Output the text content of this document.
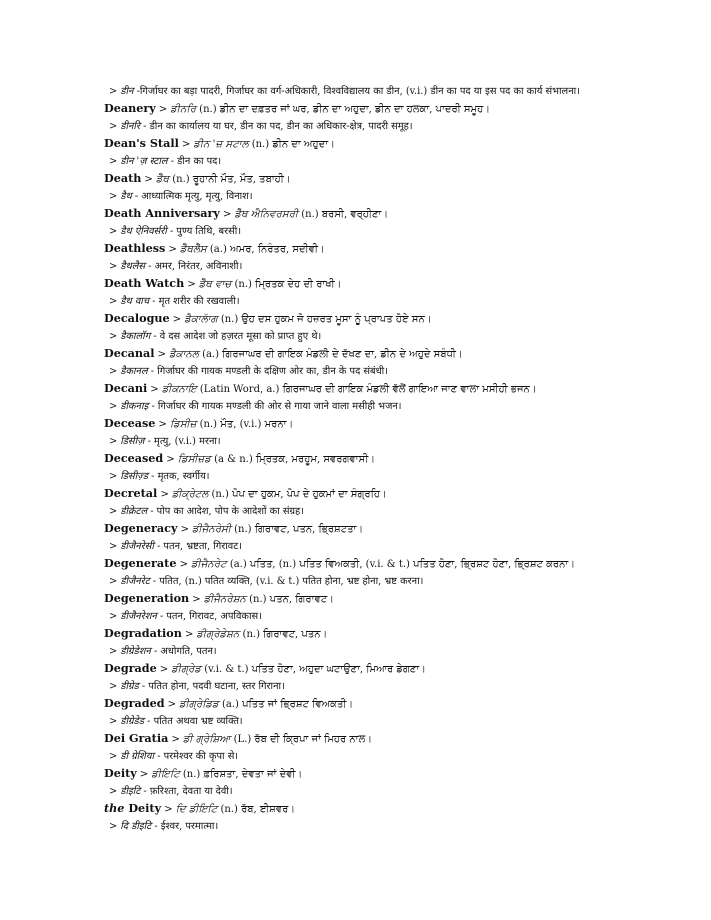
> डीन -गिर्जाघर का बड़ा पादरी, गिर्जाघर का वर्ग-अधिकारी, विश्वविद्यालय का डीन, (v.i.) डीन का पद या इस पद का कार्य संभालना।
Deanery > ਡੀਨਰਿ (n.) ਡੀਨ ਦਾ ਦਫ਼ਤਰ ਜਾਂ ਘਰ, ਡੀਨ ਦਾ ਅਹੁਦਾ, ਡੀਨ ਦਾ ਹਲਕਾ, ਪਾਦਰੀ ਸਮੂਹ।
> डीनरि - डीन का कार्यालय या घर, डीन का पद, डीन का अधिकार-क्षेत्र, पादरी समूह।
Dean's Stall > ਡੀਨ 'ਜ਼ ਸਟਾਲ (n.) ਡੀਨ ਦਾ ਅਹੁਦਾ।
> डीन 'ज़ स्टाल - डीन का पद।
Death > ਡੈੱਥ (n.) ਰੂਹਾਨੀ ਮੌਤ, ਮੌਤ, ਤਬਾਹੀ।
> डैथ - आध्यात्मिक मृत्यु, मृत्यु, विनाश।
Death Anniversary > ਡੈੱਥ ਐਨਿਵਰਸਰੀ (n.) ਬਰਸੀ, ਵਰ੍ਹੀਣਾ।
> डैथ ऐनिवर्सरी - पुण्य तिथि, बरसी।
Deathless > ਡੈੱਥਲੈੱਸ (a.) ਅਮਰ, ਨਿਰੰਤਰ, ਸਦੀਵੀ।
> डैथलैस - अमर, निरंतर, अविनाशी।
Death Watch > ਡੈੱਥ ਵਾਚ (n.) ਮ੍ਰਿਤਕ ਦੇਹ ਦੀ ਰਾਖੀ।
> डैथ वाच - मृत शरीर की रखवाली।
Decalogue > ਡੈਕਾਲਾੱਗ (n.) ਉਹ ਦਸ ਹੁਕਮ ਜੋ ਹਜ਼ਰਤ ਮੂਸਾ ਨੂੰ ਪ੍ਰਾਪਤ ਹੋਏ ਸਨ।
> डैकालॉग - वे दस आदेश जो हज़रत मूसा को प्राप्त हुए थे।
Decanal > ਡੈਕਾਨਲ (a.) ਗਿਰਜਾਘਰ ਦੀ ਗਾਇਕ ਮੰਡਲੀ ਦੇ ਦੱਖਣ ਦਾ, ਡੀਨ ਦੇ ਅਹੁਦੇ ਸਬੰਧੀ।
> डैकानल - गिर्जाघर की गायक मण्डली के दक्षिण ओर का, डीन के पद संबंधी।
Decani > ਡੀਕਨਾਇ (Latin Word, a.) ਗਿਰਜਾਘਰ ਦੀ ਗਾਇਕ ਮੰਡਲੀ ਵੱਲੋਂ ਗਾਇਆ ਜਾਣ ਵਾਲਾ ਮਸੀਹੀ ਭਜਨ।
> डीकनाइ - गिर्जाघर की गायक मण्डली की ओर से गाया जाने वाला मसीही भजन।
Decease > ਡਿਸੀਜ਼ (n.) ਮੌਤ, (v.i.) ਮਰਨਾ।
> डिसीज़ - मृत्यु, (v.i.) मरना।
Deceased > ਡਿਸੀਜ਼ਡ (a & n.) ਮ੍ਰਿਤਕ, ਮਰਹੂਮ, ਸਵਰਗਵਾਸੀ।
> डिसीज़्ड - मृतक, स्वर्गीय।
Decretal > ਡੀਕ੍ਰੇਟਲ (n.) ਪੋਪ ਦਾ ਹੁਕਮ, ਪੋਪ ਦੇ ਹੁਕਮਾਂ ਦਾ ਸੰਗ੍ਰਹਿ।
> डीक्रेटल - पोप का आदेश, पोप के आदेशों का संग्रह।
Degeneracy > ਡੀਜੈਨਰੇਸੀ (n.) ਗਿਰਾਵਟ, ਪਤਨ, ਭ੍ਰਿਸ਼ਟਤਾ।
> डीजैनरेसी - पतन, भ्रष्टता, गिरावट।
Degenerate > ਡੀਜੈਨਰੇਟ (a.) ਪਤਿਤ, (n.) ਪਤਿਤ ਵਿਅਕਤੀ, (v.i. & t.) ਪਤਿਤ ਹੋਣਾ, ਭ੍ਰਿਸ਼ਟ ਹੋਣਾ, ਭ੍ਰਿਸ਼ਟ ਕਰਨਾ।
> डीजैनरेट - पतित, (n.) पतित व्यक्ति, (v.i. & t.) पतित होना, भ्रष्ट होना, भ्रष्ट करना।
Degeneration > ਡੀਜੈਨਰੇਸ਼ਨ (n.) ਪਤਨ, ਗਿਰਾਵਟ।
> डीजैनरेशन - पतन, गिरावट, अपविकास।
Degradation > ਡੀਗ੍ਰੇਡੇਸ਼ਨ (n.) ਗਿਰਾਵਟ, ਪਤਨ।
> डीग्रेडेशन - अधोगति, पतन।
Degrade > ਡੀਗ੍ਰੇਡ (v.i. & t.) ਪਤਿਤ ਹੋਣਾ, ਅਹੁਦਾ ਘਟਾਉਣਾ, ਮਿਆਰ ਡੇਗਣਾ।
> डीग्रेड - पतित होना, पदवी घटाना, स्तर गिराना।
Degraded > ਡੀਗ੍ਰੇਡਿਡ (a.) ਪਤਿਤ ਜਾਂ ਭ੍ਰਿਸ਼ਟ ਵਿਅਕਤੀ।
> डीग्रेडेड - पतित अथवा भ्रष्ट व्यक्ति।
Dei Gratia > ਡੀ ਗ੍ਰੇਸ਼ਿਆ (L.) ਰੱਬ ਦੀ ਕ੍ਰਿਪਾ ਜਾਂ ਮਿਹਰ ਨਾਲ।
> डी ग्रेशिया - परमेश्वर की कृपा से।
Deity > ਡੀਇਟਿ (n.) ਫ਼ਰਿਸ਼ਤਾ, ਦੇਵਤਾ ਜਾਂ ਦੇਵੀ।
> डीइटि - फ़रिश्ता, देवता या देवी।
the Deity > ਦਿ ਡੀਇਟਿ (n.) ਰੱਬ, ਈਸ਼ਵਰ।
> दि डीइटि - ईश्वर, परमात्मा।
